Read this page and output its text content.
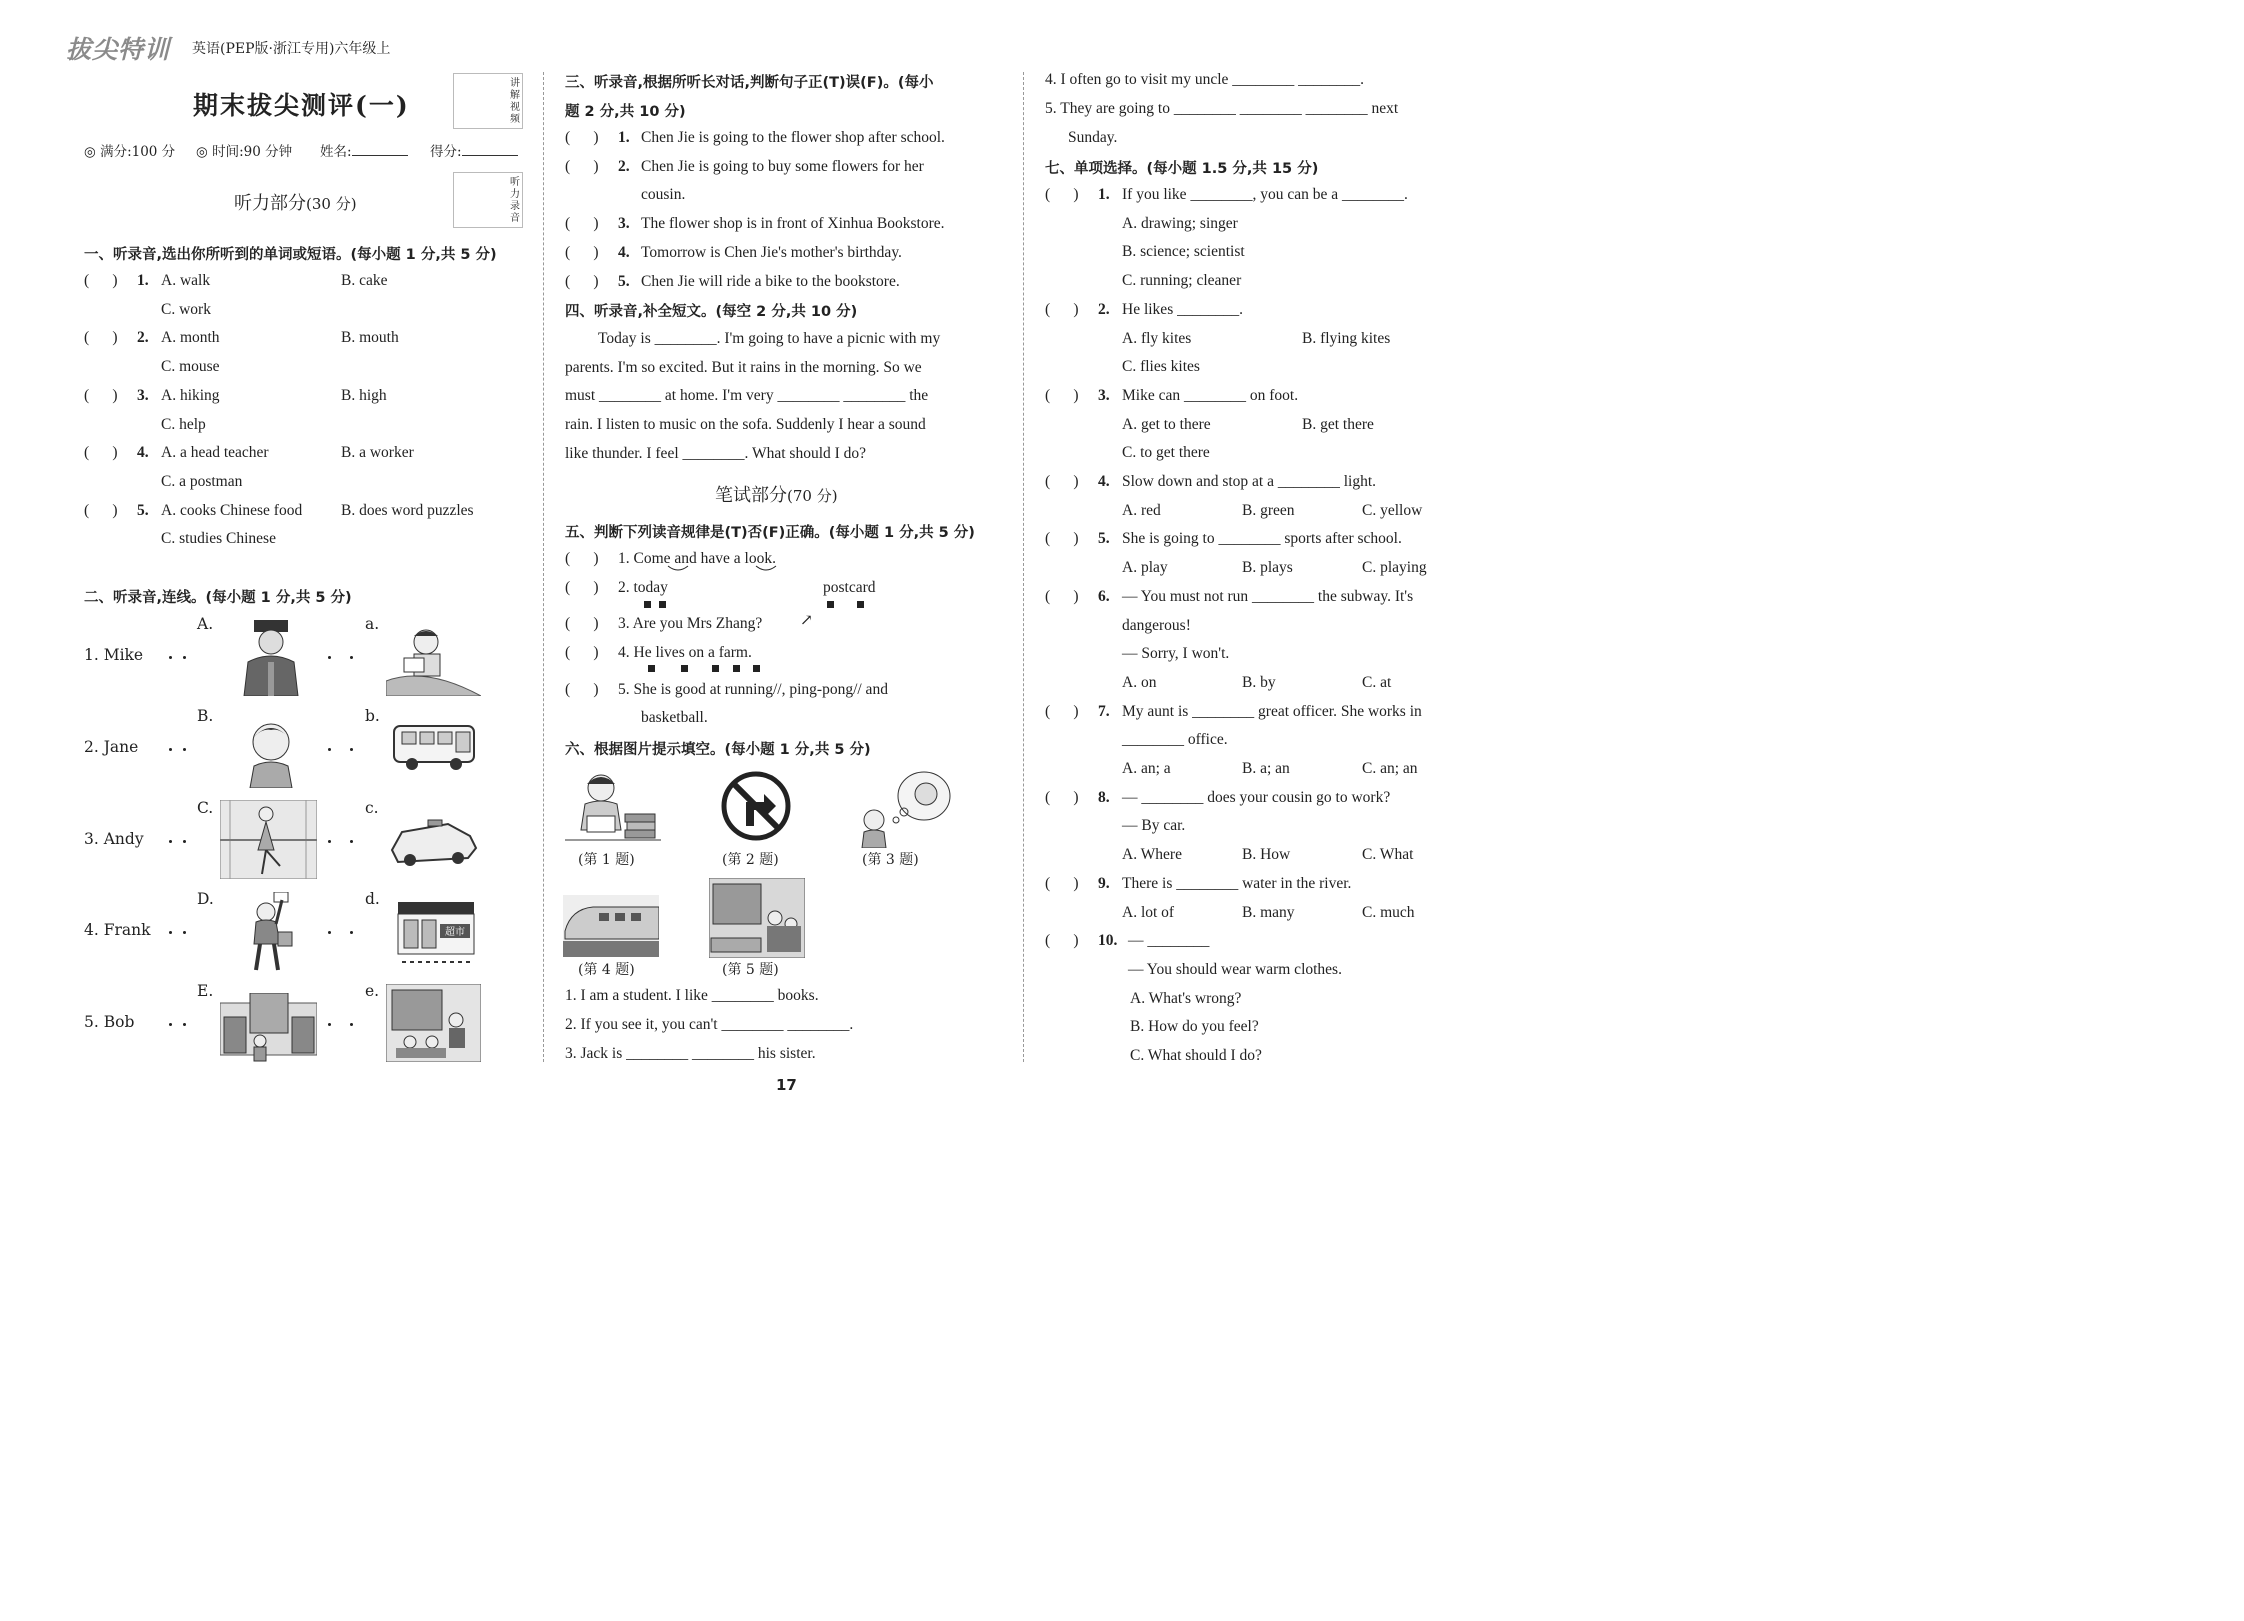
拔尖特训 英语(PEP版·浙江专用)六年级上
期末拔尖测评(一)
讲
解
视
频
听
力
录
音
◎ 满分:100 分 ◎ 时间:90 分钟 姓名:	得分:
听力部分(30 分)
一、听录音,选出你所听到的单词或短语。(每小题 1 分,共 5 分)
(      ) 1. A. walk	B. cake
C. work
(      ) 2. A. month	B. mouth
C. mouse
(      ) 3. A. hiking	B. high
C. help
(      ) 4. A. a head teacher	B. a worker
C. a postman
(      ) 5. A. cooks Chinese food	B. does word puzzles
C. studies Chinese
二、听录音,连线。(每小题 1 分,共 5 分)
1. Mike
A.	a.
2. Jane
B.	b.
3. Andy
C.	c.
4. Frank
D.	d.
超市
5. Bob
E.	e.
三、听录音,根据所听长对话,判断句子正(T)误(F)。(每小
题 2 分,共 10 分)
(      ) 1. Chen Jie is going to the flower shop after school.
(      ) 2. Chen Jie is going to buy some flowers for her
cousin.
(      ) 3. The flower shop is in front of Xinhua Bookstore.
(      ) 4. Tomorrow is Chen Jie's mother's birthday.
(      ) 5. Chen Jie will ride a bike to the bookstore.
四、听录音,补全短文。(每空 2 分,共 10 分)
Today is ________. I'm going to have a picnic with my
parents. I'm so excited. But it rains in the morning. So we
must ________ at home. I'm very ________ ________ the
rain. I listen to music on the sofa. Suddenly I hear a sound
like thunder. I feel ________. What should I do?
笔试部分(70 分)
五、判断下列读音规律是(T)否(F)正确。(每小题 1 分,共 5 分)
(      ) 1. Come and have a look.
(      ) 2. today	postcard
(      ) 3. Are you Mrs Zhang? ↗
(      ) 4. He lives on a farm.
(      ) 5. She is good at running//, ping-pong// and
basketball.
六、根据图片提示填空。(每小题 1 分,共 5 分)
(第 1 题)	(第 2 题)	(第 3 题)
(第 4 题)	(第 5 题)
1. I am a student. I like ________ books.
2. If you see it, you can't ________ ________.
3. Jack is ________ ________ his sister.
4. I often go to visit my uncle ________ ________.
5. They are going to ________ ________ ________ next
Sunday.
七、单项选择。(每小题 1.5 分,共 15 分)
(      ) 1. If you like ________, you can be a ________.
A. drawing; singer
B. science; scientist
C. running; cleaner
(      ) 2. He likes ________.
A. fly kites	B. flying kites
C. flies kites
(      ) 3. Mike can ________ on foot.
A. get to there	B. get there
C. to get there
(      ) 4. Slow down and stop at a ________ light.
A. red	B. green	C. yellow
(      ) 5. She is going to ________ sports after school.
A. play	B. plays	C. playing
(      ) 6. — You must not run ________ the subway. It's
dangerous!
— Sorry, I won't.
A. on	B. by	C. at
(      ) 7. My aunt is ________ great officer. She works in
________ office.
A. an; a	B. a; an	C. an; an
(      ) 8. — ________ does your cousin go to work?
— By car.
A. Where	B. How	C. What
(      ) 9. There is ________ water in the river.
A. lot of	B. many	C. much
(      ) 10. — ________
— You should wear warm clothes.
A. What's wrong?
B. How do you feel?
C. What should I do?
17
